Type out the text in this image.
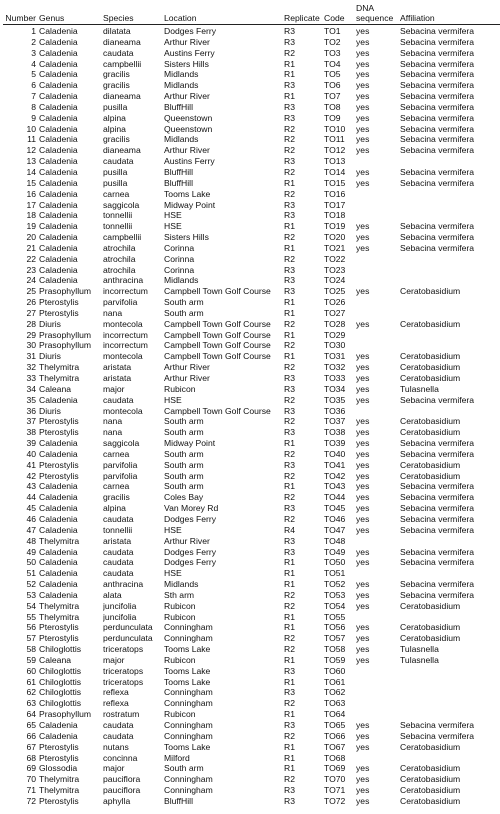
Number	Genus	Species	Location	Replicate	Code	DNA sequence	Affiliation
1	Caladenia	dilatata	Dodges Ferry	R3	TO1	yes	Sebacina vermifera
2	Caladenia	dianeama	Arthur River	R3	TO2	yes	Sebacina vermifera
3	Caladenia	caudata	Austins Ferry	R2	TO3	yes	Sebacina vermifera
4	Caladenia	campbellii	Sisters Hills	R1	TO4	yes	Sebacina vermifera
5	Caladenia	gracilis	Midlands	R1	TO5	yes	Sebacina vermifera
6	Caladenia	gracilis	Midlands	R3	TO6	yes	Sebacina vermifera
7	Caladenia	dianeama	Arthur River	R1	TO7	yes	Sebacina vermifera
8	Caladenia	pusilla	BluffHill	R3	TO8	yes	Sebacina vermifera
9	Caladenia	alpina	Queenstown	R3	TO9	yes	Sebacina vermifera
10	Caladenia	alpina	Queenstown	R2	TO10	yes	Sebacina vermifera
11	Caladenia	gracilis	Midlands	R2	TO11	yes	Sebacina vermifera
12	Caladenia	dianeama	Arthur River	R2	TO12	yes	Sebacina vermifera
13	Caladenia	caudata	Austins Ferry	R3	TO13		
14	Caladenia	pusilla	BluffHill	R2	TO14	yes	Sebacina vermifera
15	Caladenia	pusilla	BluffHill	R1	TO15	yes	Sebacina vermifera
16	Caladenia	carnea	Tooms Lake	R2	TO16		
17	Caladenia	saggicola	Midway Point	R3	TO17		
18	Caladenia	tonnellii	HSE	R3	TO18		
19	Caladenia	tonnellii	HSE	R1	TO19	yes	Sebacina vermifera
20	Caladenia	campbellii	Sisters Hills	R2	TO20	yes	Sebacina vermifera
21	Caladenia	atrochila	Corinna	R1	TO21	yes	Sebacina vermifera
22	Caladenia	atrochila	Corinna	R2	TO22		
23	Caladenia	atrochila	Corinna	R3	TO23		
24	Caladenia	anthracina	Midlands	R3	TO24		
25	Prasophyllum	incorrectum	Campbell Town Golf Course	R3	TO25	yes	Ceratobasidium
26	Pterostylis	parvifolia	South arm	R1	TO26		
27	Pterostylis	nana	South arm	R1	TO27		
28	Diuris	montecola	Campbell Town Golf Course	R2	TO28	yes	Ceratobasidium
29	Prasophyllum	incorrectum	Campbell Town Golf Course	R1	TO29		
30	Prasophyllum	incorrectum	Campbell Town Golf Course	R2	TO30		
31	Diuris	montecola	Campbell Town Golf Course	R1	TO31	yes	Ceratobasidium
32	Thelymitra	aristata	Arthur River	R2	TO32	yes	Ceratobasidium
33	Thelymitra	aristata	Arthur River	R3	TO33	yes	Ceratobasidium
34	Caleana	major	Rubicon	R3	TO34	yes	Tulasnella
35	Caladenia	caudata	HSE	R2	TO35	yes	Sebacina vermifera
36	Diuris	montecola	Campbell Town Golf Course	R3	TO36		
37	Pterostylis	nana	South arm	R2	TO37	yes	Ceratobasidium
38	Pterostylis	nana	South arm	R3	TO38	yes	Ceratobasidium
39	Caladenia	saggicola	Midway Point	R1	TO39	yes	Sebacina vermifera
40	Caladenia	carnea	South arm	R2	TO40	yes	Sebacina vermifera
41	Pterostylis	parvifolia	South arm	R3	TO41	yes	Ceratobasidium
42	Pterostylis	parvifolia	South arm	R2	TO42	yes	Ceratobasidium
43	Caladenia	carnea	South arm	R1	TO43	yes	Sebacina vermifera
44	Caladenia	gracilis	Coles Bay	R2	TO44	yes	Sebacina vermifera
45	Caladenia	alpina	Van Morey Rd	R3	TO45	yes	Sebacina vermifera
46	Caladenia	caudata	Dodges Ferry	R2	TO46	yes	Sebacina vermifera
47	Caladenia	tonnellii	HSE	R4	TO47	yes	Sebacina vermifera
48	Thelymitra	aristata	Arthur River	R3	TO48		
49	Caladenia	caudata	Dodges Ferry	R3	TO49	yes	Sebacina vermifera
50	Caladenia	caudata	Dodges Ferry	R1	TO50	yes	Sebacina vermifera
51	Caladenia	caudata	HSE	R1	TO51		
52	Caladenia	anthracina	Midlands	R1	TO52	yes	Sebacina vermifera
53	Caladenia	alata	Sth arm	R2	TO53	yes	Sebacina vermifera
54	Thelymitra	juncifolia	Rubicon	R2	TO54	yes	Ceratobasidium
55	Thelymitra	juncifolia	Rubicon	R1	TO55		
56	Pterostylis	perdunculata	Conningham	R1	TO56	yes	Ceratobasidium
57	Pterostylis	perdunculata	Conningham	R2	TO57	yes	Ceratobasidium
58	Chiloglottis	triceratops	Tooms Lake	R2	TO58	yes	Tulasnella
59	Caleana	major	Rubicon	R1	TO59	yes	Tulasnella
60	Chiloglottis	triceratops	Tooms Lake	R3	TO60		
61	Chiloglottis	triceratops	Tooms Lake	R1	TO61		
62	Chiloglottis	reflexa	Conningham	R3	TO62		
63	Chiloglottis	reflexa	Conningham	R2	TO63		
64	Prasophyllum	rostratum	Rubicon	R1	TO64		
65	Caladenia	caudata	Conningham	R3	TO65	yes	Sebacina vermifera
66	Caladenia	caudata	Conningham	R2	TO66	yes	Sebacina vermifera
67	Pterostylis	nutans	Tooms Lake	R1	TO67	yes	Ceratobasidium
68	Pterostylis	concinna	Milford	R1	TO68		
69	Glossodia	major	South arm	R1	TO69	yes	Ceratobasidium
70	Thelymitra	pauciflora	Conningham	R2	TO70	yes	Ceratobasidium
71	Thelymitra	pauciflora	Conningham	R3	TO71	yes	Ceratobasidium
72	Pterostylis	aphylla	BluffHill	R3	TO72	yes	Ceratobasidium
